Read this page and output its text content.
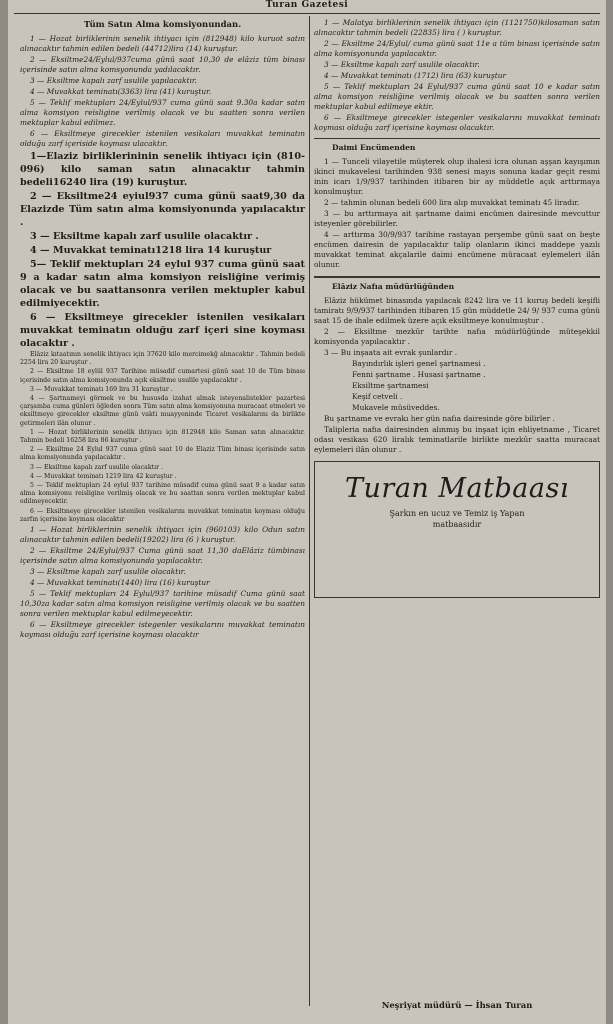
Turan Gazetesi
Tüm Satın Alma komsiyonundan.

1 — Hozat birliklerinin senelik ihtiyacı için (812948) kilo kuruot satın alınacaktır tahmin edilen bedeli (44712)lira (14) kuruştur.

2 — Eksiltme24/Eylul/937cuma günü saat 10,30 de elâziz tüm binası içerisinde satın alma komsyonunda yadılacaktır.

3 — Eksiltme kapalı zarf usulile yapılacaktır.

4 — Muvakkat teminatı(3363) lira (41) kuruştur.

5 — Teklif mektupları 24/Eylul/937 cuma günü saat 9.30a kadar satın alma komsiyon reisligine verilmiş olacak ve bu saatten sonra verilen mektuplar kabul edilmez.

6 — Eksiltmeye girecekler istenilen vesikaları muvakkat teminatın olduğu zarf içeriside koyması ulacaktır.

1—Elaziz birliklerininin senelik ihtiyacı için (810-096) kilo saman satın alınacaktır tahmin bedeli16240 lira (19) kuruştur.

2 — Eksiltme24 eyiul937 cuma günü saat9,30 da Elazizde Tüm satın alma komsiyonunda yapılacaktır .

3 — Eksiltme kapalı zarf usulile olacaktır .

4 — Muvakkat teminatı1218 lira 14 kuruştur

5— Teklif mektupları 24 eylul 937 cuma günü saat 9 a kadar satın alma komsiyon reisliğine verimiş olacak ve bu saattansonra verilen mektupler kabul edilmiyecektir.

6 — Eksiltmeye girecekler istenilen vesikaları muvakkat teminatın olduğu zarf içeri sine koyması olacaktır .

Elâziz kıtaatının senelik ihtiyacı için 37620 kilo mercimekğ alınacaktır . Tahmin bedeli 2254 lira 20 kuruştur .

2 — Eksiltme 18 eylül 937 Tarihine müsadif cumartesi günü saat 10 de Tüm binası içerisinde satın alma komsiyonunda açık eksiltme usulile yapılacaktır .

3 — Muvakkat teminatı 169 lira 31 kuruştur .

4 — Şartnameyi görmek ve bu hususda izahat almak isteyenalistekler pazartesi çarşamba cuma günleri öğleden sonra Tüm satın alma komsiyonuna muracaat etmeleri ve eksiltmeye girecekler eksiltme günü vakti muayyeninde Ticaret vesikalarını da birlikte getirmeleri ilân olunur .

1 — Hozat birliklerinin senelik ihtiyacı için 812948 kilo Saman satın alınacaktır. Tahmin bedeli 16258 lira 86 kuruştur .

2 — Eksiltme 24 Eylul 937 cuma günü saat 10 de Elaziz Tüm binası içerisinde satın alma komsiyonunda yapılacaktır .

3 — Eksiltme kapalı zarf usulile olacaktır .

4 — Muvakkat teminatı 1219 lira 42 kuruştur .

5 — Teklif mektupları 24 eylul 937 tarihine müsadif cuma günü saat 9 a kadar satın alma komsiyonu reisligine verilmiş olacak ve bu saattan sonra verilen mektuplar kabul edilmeyecektir.

6 — Eksiltmeye girecekler istenilen vesikalarını muvakkat teminatın koyması olduğu zarfın içerisine koyması olacaktır

1 — Hozat birliklerinin senelik ihtiyacı için (960103) kilo Odun satın alınacaktır tahmin edilen bedeli(19202) lira (6 ) kuruştur.

2 — Eksiltme 24/Eylul/937 Cuma günü saat 11,30 daElâziz tümbinası içerisinde satın alma komsiyonunda yapılacaktır.

3 — Eksiltme kapalı zarf usulile olacaktır.

4 — Muvakkat teminatı(1440) lira (16) kuruştur

5 — Teklif mektupları 24 Eylul/937 tarihine müsadif Cuma günü saat 10,30za kadar satın alma komsiyon reisligine verilmiş olacak ve bu saatten sonra verilen mektuplar kabul edilmeyecektir.

6 — Eksiltmeye girecekler istegenler vesikalarını muvakkat teminatın koyması olduğu zarf içerisine koyması olacaktır

1 — Malatya birliklerinin senelik ihtiyacı için (1121750)kilosaman satın alınacaktır tahmin bedeli (22835) lira ( ) kuruştur.

2 — Eksiltme 24/Eylul/ cuma günü saat 11e a tüm binası içerisinde satın alma komisyonunda yapılacaktır.

3 — Eksiltme kapalı zarf usulile olacaktır.

4 — Muvakkat teminatı (1712) lira (63) kuruştur

5 — Teklif mektupları 24 Eylul/937 cuma günü saat 10 e kadar satın alma komsiyon reisliğine verilmiş olacak ve bu saatten sonra verilen mektuplar kabul edilmeye ektir.

6 — Eksiltmeye girecekler istegenler vesikalarını muvakkat teminatı koyması olduğu zarf içerisine koyması olacaktır.

Daimi Encümenden

1 — Tunceli vilayetile müşterek olup ihalesi icra olunan aşşan kayışımın ikinci mukavelesi tarihinden 938 senesi mayıs sonuna kadar geçit resmi inin icarı 1/9/937 tarihinden itibaren bir ay müddetle açık arttırmaya konulmuştur.

2 — tahmin olunan bedeli 600 lira alıp muvakkat teminatı 45 liradır.

3 — bu arttırmaya ait şartname daimi encümen dairesinde mevcuttur isteyenler görebilirler.

4 — arttırma 30/9/937 tarihine rastayan perşembe günü saat on beşte encümen dairesin de yapılacaktır talip olanların ikinci maddepe yazılı muvakkat teminat akçalarile daimi encümene müracaat eylemeleri ilân olunur.

Elâziz Nafıa müdürlüğünden

Elâziz hükümet binasında yapılacak 8242 lira ve 11 kuruş bedeli keşifli tamiratı 9/9/937 tarihinden itibaren 15 gün müddetle 24/ 9/ 937 cuma günü saat 15 de ihale edilmek üzere açık eksiltmeye konulmuştur .

2 — Eksiltme mezkûr tarihte nafıa müdürlüğünde müteşekkil komisyonda yapılacaktır .

3 — Bu inşaata ait evrak şunlardır .

Bayındırlık işleri genel şartnamesi .

Fenni şartname . Husasi şartname .

Eksiltme şartnamesi

Keşif cetveli .

Mukavele müsüveddes.

Bu şartname ve evrakı her gün nafıa dairesinde göre bilirler .

Talipleria nafıa dairesinden alınmış bu inşaat için ehliyetname , Ticaret odası vesikası 620 liralık teminatlarile birlikte mezkûr saatta muracaat eylemeleri ilân olunur .

Turan Matbaası
Şarkın en ucuz ve Temiz iş Yapan
matbaasıdır
Neşriyat müdürü — İhsan Turan
